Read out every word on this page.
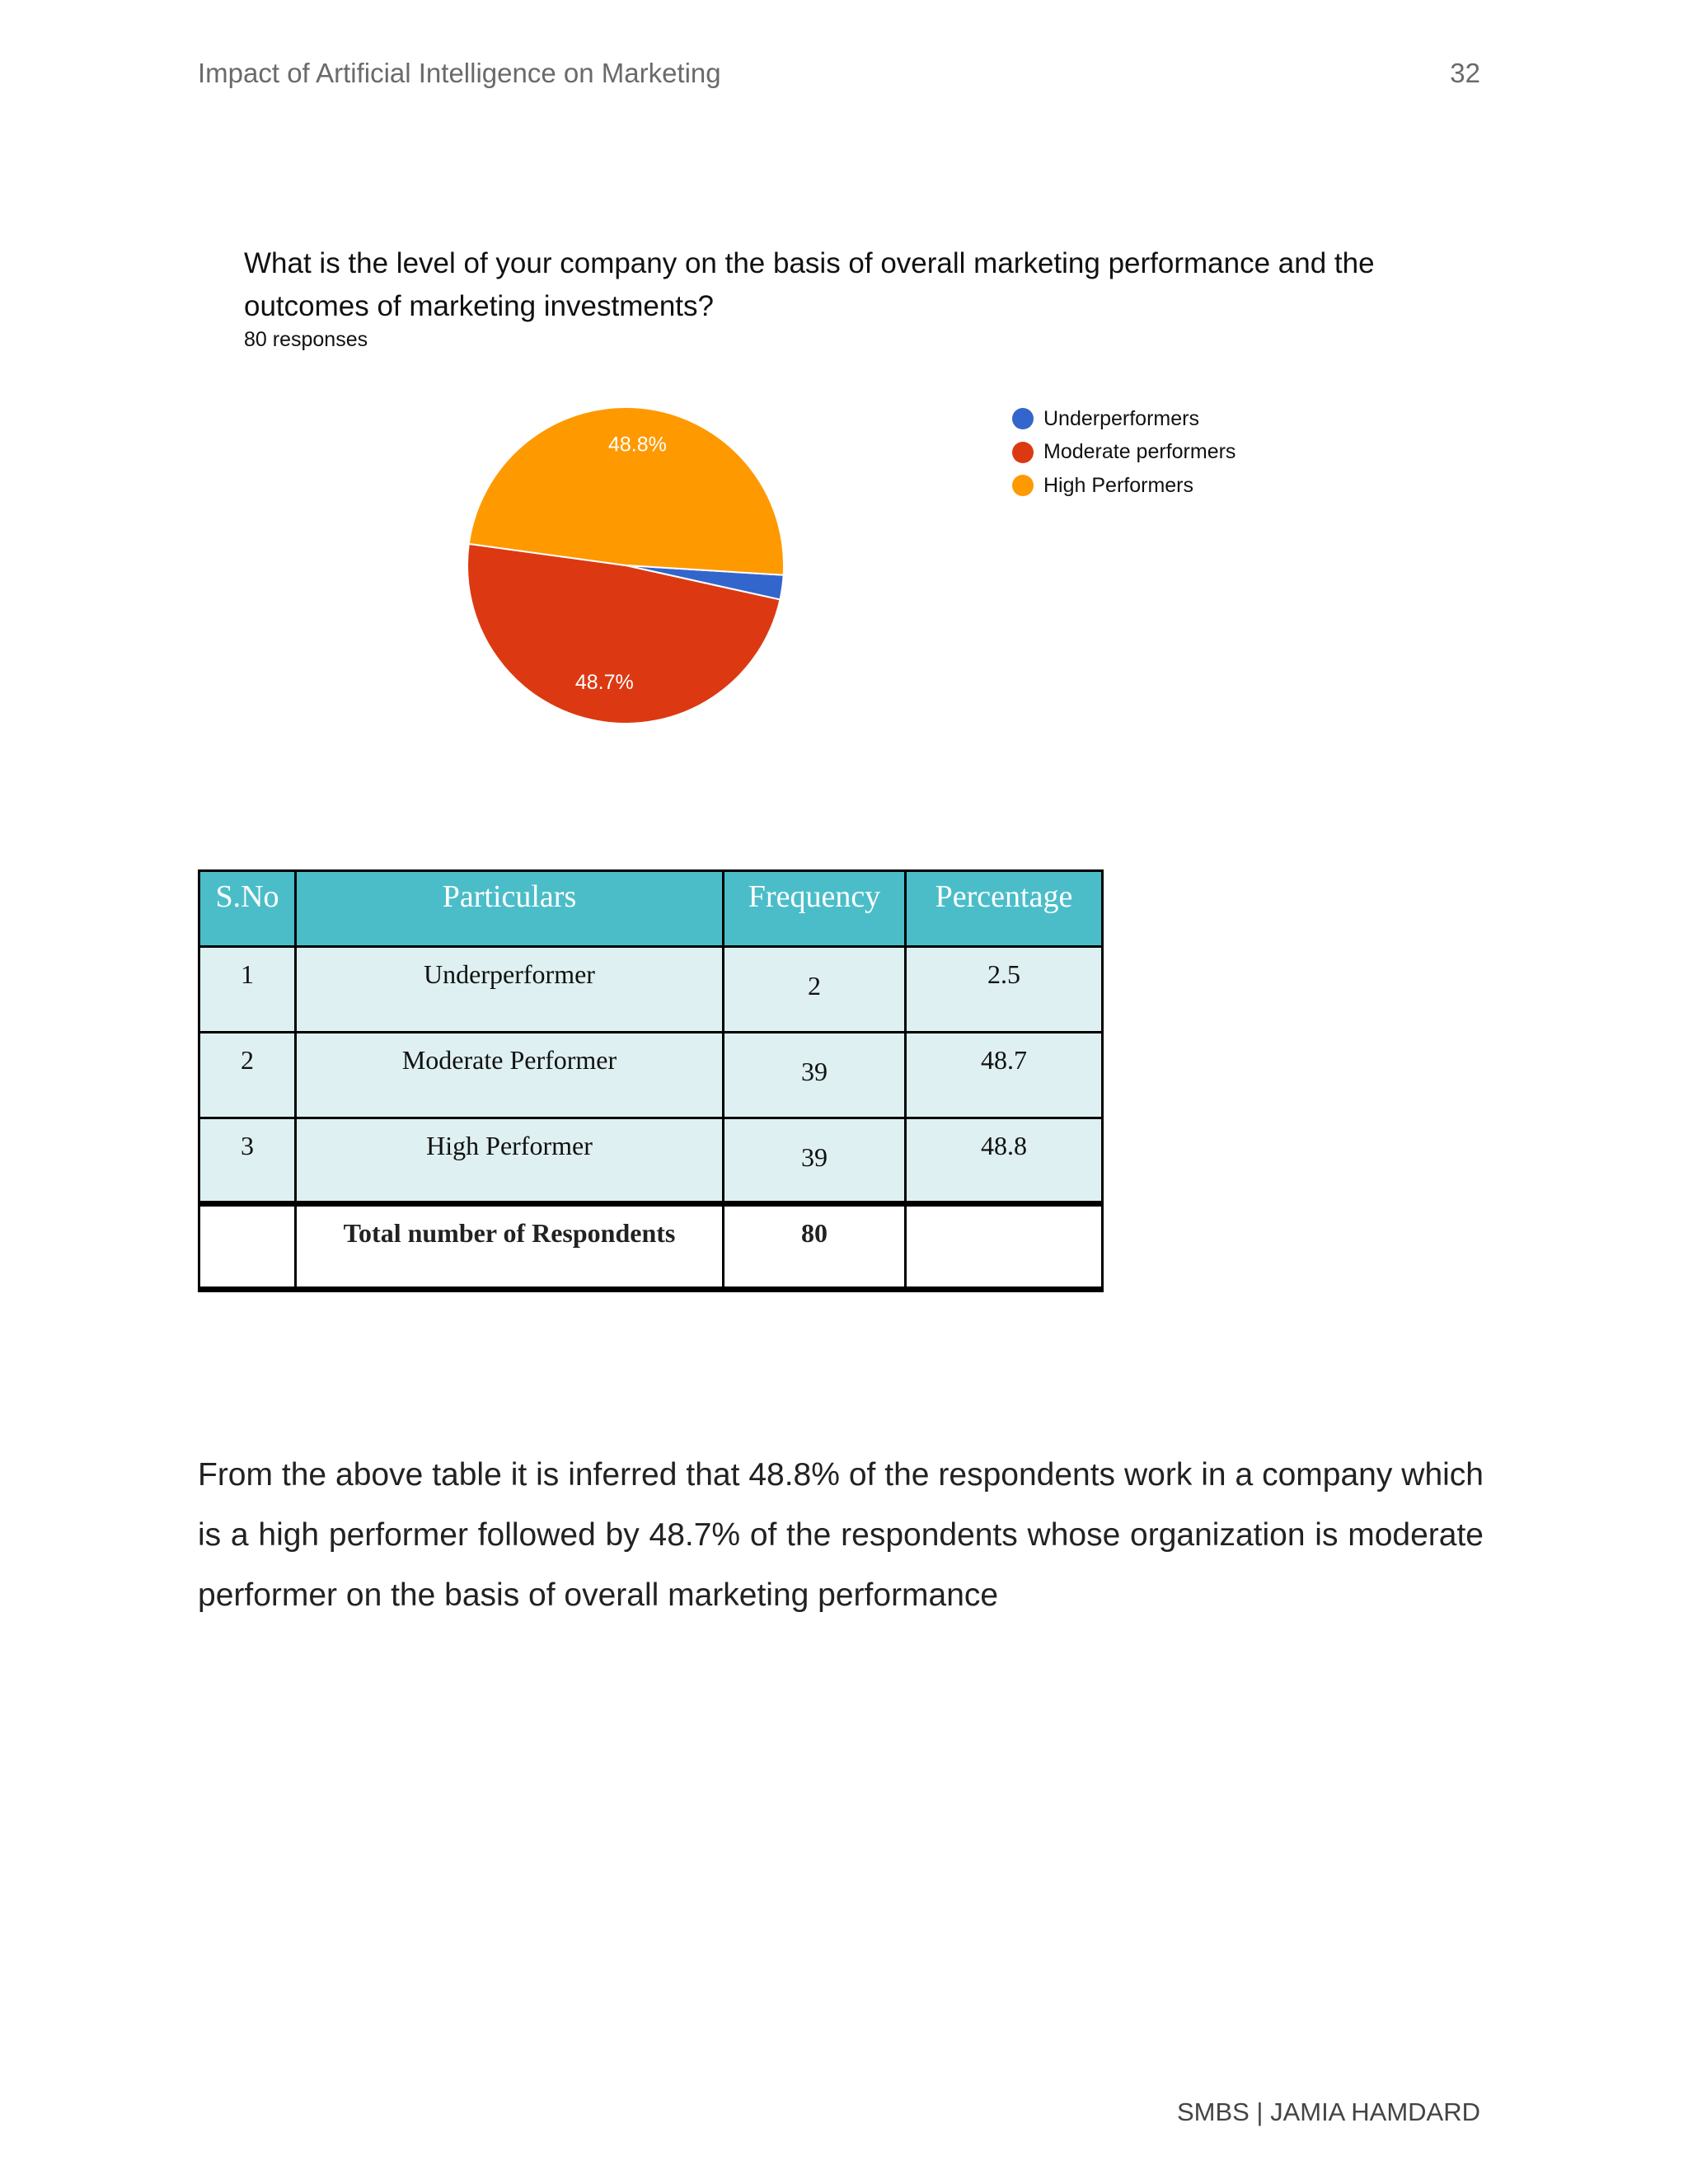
Impact of Artificial Intelligence on Marketing	32
What is the level of your company on the basis of overall marketing performance and the outcomes of marketing investments?
80 responses
48.7%
48.8%
Underperformers
Moderate performers
High Performers
S.No	Particulars	Frequency	Percentage
1	Underperformer	2	2.5
2	Moderate Performer	39	48.7
3	High Performer	39	48.8
	Total number of Respondents	80	

From the above table it is inferred that 48.8% of the respondents work in a company which is a high performer followed by 48.7% of the respondents whose organization is moderate performer on the basis of overall marketing performance

SMBS | JAMIA HAMDARD
